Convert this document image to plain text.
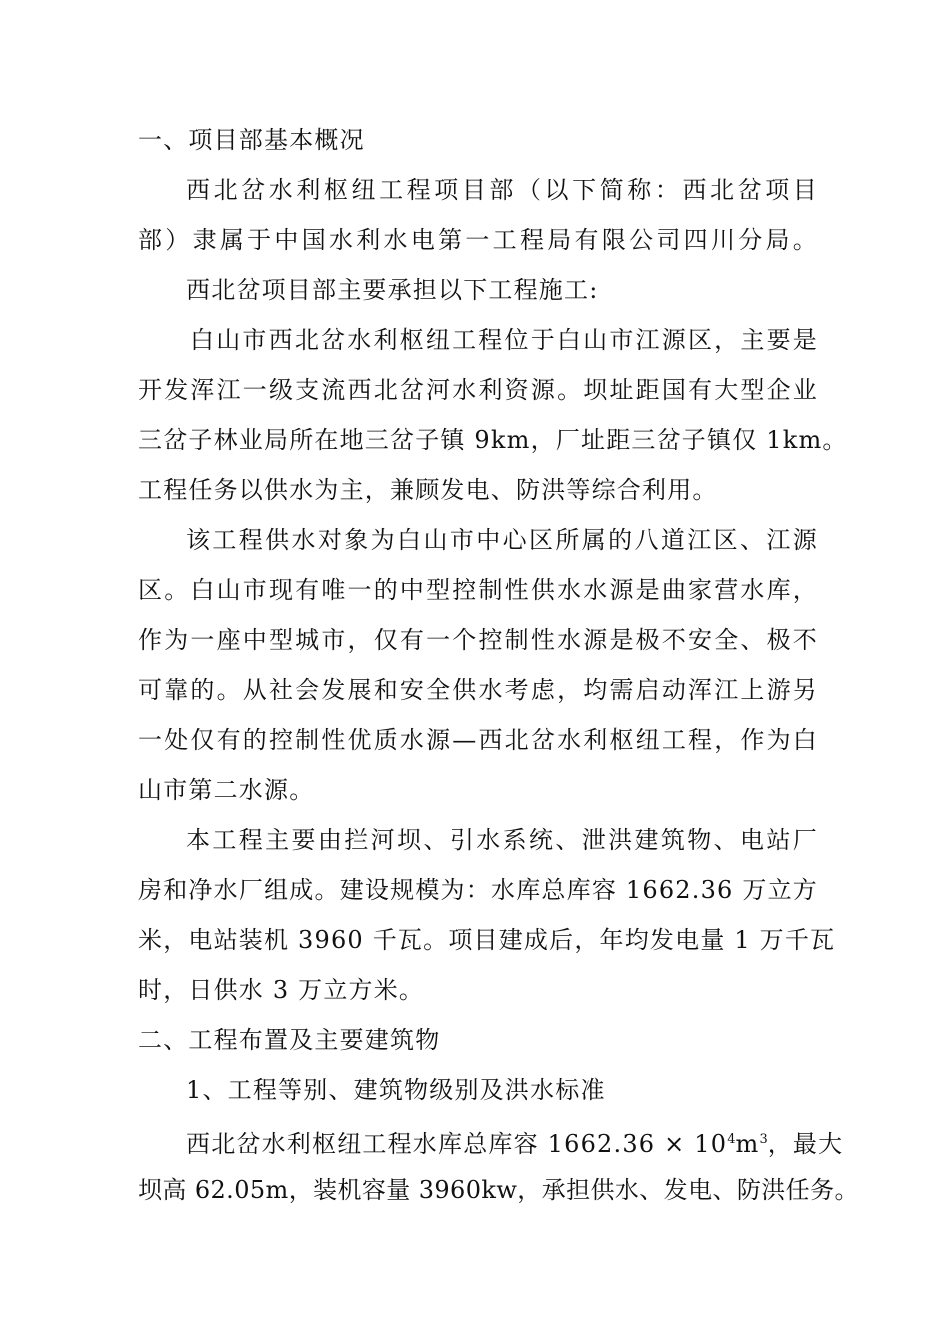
一、项目部基本概况
西北岔水利枢纽工程项目部（以下简称：西北岔项目
部）隶属于中国水利水电第一工程局有限公司四川分局。
西北岔项目部主要承担以下工程施工:
白山市西北岔水利枢纽工程位于白山市江源区，主要是
开发浑江一级支流西北岔河水利资源。坝址距国有大型企业
三岔子林业局所在地三岔子镇 9km，厂址距三岔子镇仅 1km。
工程任务以供水为主，兼顾发电、防洪等综合利用。
该工程供水对象为白山市中心区所属的八道江区、江源
区。白山市现有唯一的中型控制性供水水源是曲家营水库，
作为一座中型城市，仅有一个控制性水源是极不安全、极不
可靠的。从社会发展和安全供水考虑，均需启动浑江上游另
一处仅有的控制性优质水源—西北岔水利枢纽工程，作为白
山市第二水源。
本工程主要由拦河坝、引水系统、泄洪建筑物、电站厂
房和净水厂组成。建设规模为：水库总库容 1662.36 万立方
米，电站装机 3960 千瓦。项目建成后，年均发电量 1 万千瓦
时，日供水 3 万立方米。
二、工程布置及主要建筑物
1、工程等别、建筑物级别及洪水标准
西北岔水利枢纽工程水库总库容 $1662.36 \times 10^4m^3$，最大
坝高 62.05m，装机容量 3960kw，承担供水、发电、防洪任务。
